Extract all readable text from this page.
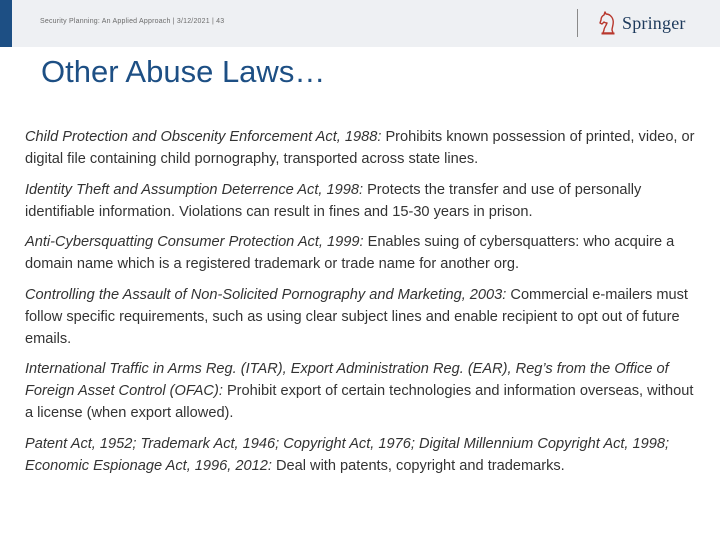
Security Planning: An Applied Approach | 3/12/2021 | 43	Springer
Other Abuse Laws…

Child Protection and Obscenity Enforcement Act, 1988: Prohibits known possession of printed, video, or digital file containing child pornography, transported across state lines.

Identity Theft and Assumption Deterrence Act, 1998: Protects the transfer and use of personally identifiable information. Violations can result in fines and 15-30 years in prison.

Anti-Cybersquatting Consumer Protection Act, 1999: Enables suing of cybersquatters: who acquire a domain name which is a registered trademark or trade name for another org.

Controlling the Assault of Non-Solicited Pornography and Marketing, 2003: Commercial e-mailers must follow specific requirements, such as using clear subject lines and enable recipient to opt out of future emails.

International Traffic in Arms Reg. (ITAR), Export Administration Reg. (EAR), Reg’s from the Office of Foreign Asset Control (OFAC): Prohibit export of certain technologies and information overseas, without a license (when export allowed).

Patent Act, 1952; Trademark Act, 1946; Copyright Act, 1976; Digital Millennium Copyright Act, 1998; Economic Espionage Act, 1996, 2012: Deal with patents, copyright and trademarks.
